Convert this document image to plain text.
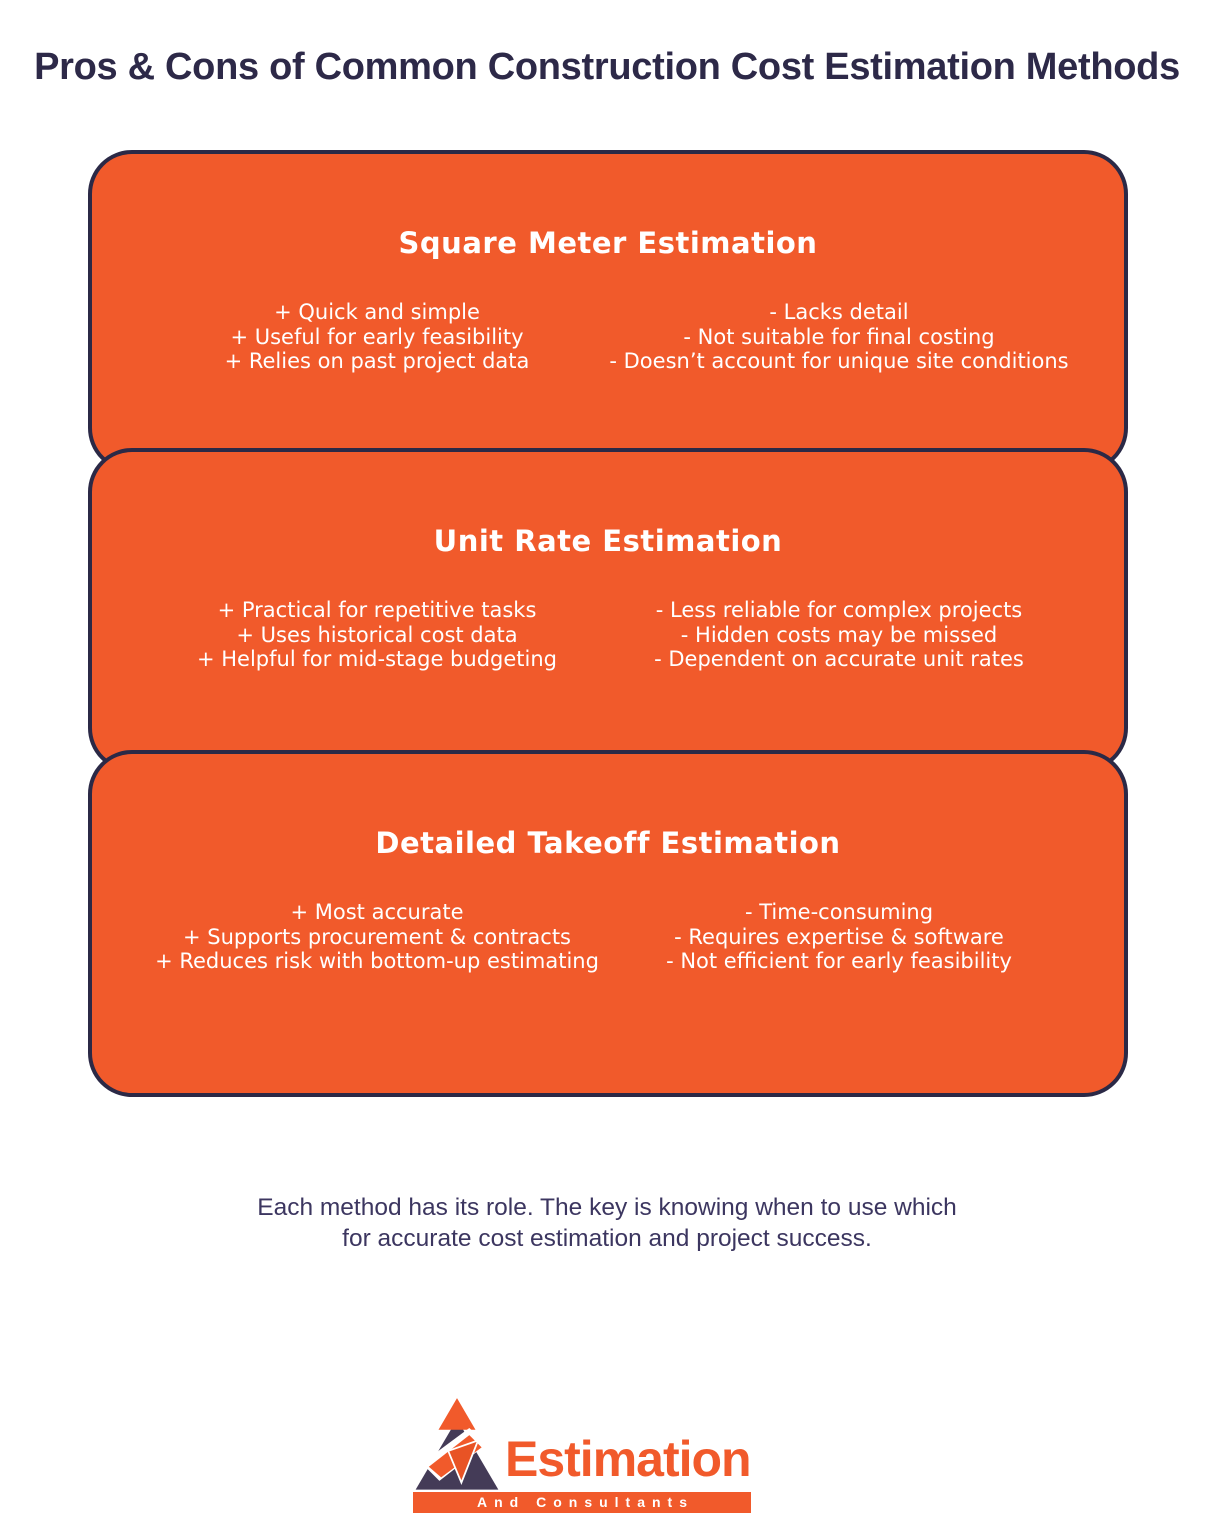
Pros & Cons of Common Construction Cost Estimation Methods
Square Meter Estimation
+ Quick and simple
+ Useful for early feasibility
+ Relies on past project data
- Lacks detail
- Not suitable for final costing
- Doesn’t account for unique site conditions
Unit Rate Estimation
+ Practical for repetitive tasks
+ Uses historical cost data
+ Helpful for mid-stage budgeting
- Less reliable for complex projects
- Hidden costs may be missed
- Dependent on accurate unit rates
Detailed Takeoff Estimation
+ Most accurate
+ Supports procurement & contracts
+ Reduces risk with bottom-up estimating
- Time-consuming
- Requires expertise & software
- Not efficient for early feasibility

Each method has its role. The key is knowing when to use which
for accurate cost estimation and project success.

Estimation
And Consultants
